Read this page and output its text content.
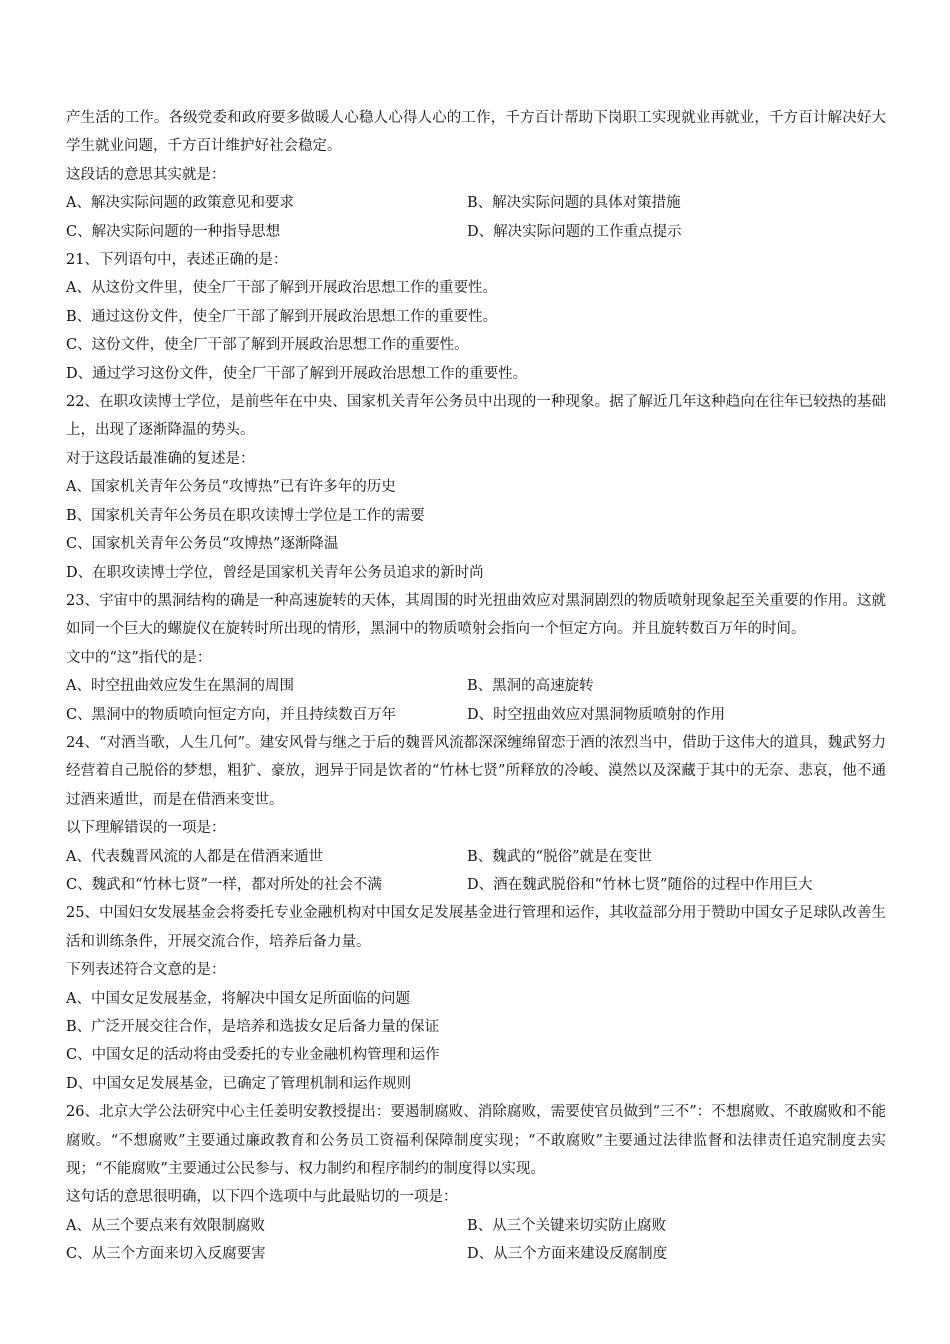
产生活的工作。各级党委和政府要多做暖人心稳人心得人心的工作，千方百计帮助下岗职工实现就业再就业，千方百计解决好大学生就业问题，千方百计维护好社会稳定。

这段话的意思其实就是：

A、解决实际问题的政策意见和要求	B、解决实际问题的具体对策措施
C、解决实际问题的一种指导思想	D、解决实际问题的工作重点提示

21、下列语句中，表述正确的是：

A、从这份文件里，使全厂干部了解到开展政治思想工作的重要性。
B、通过这份文件，使全厂干部了解到开展政治思想工作的重要性。
C、这份文件，使全厂干部了解到开展政治思想工作的重要性。
D、通过学习这份文件，使全厂干部了解到开展政治思想工作的重要性。

22、在职攻读博士学位，是前些年在中央、国家机关青年公务员中出现的一种现象。据了解近几年这种趋向在往年已较热的基础上，出现了逐渐降温的势头。

对于这段话最准确的复述是：

A、国家机关青年公务员“攻博热”已有许多年的历史
B、国家机关青年公务员在职攻读博士学位是工作的需要
C、国家机关青年公务员“攻博热”逐渐降温
D、在职攻读博士学位，曾经是国家机关青年公务员追求的新时尚

23、宇宙中的黑洞结构的确是一种高速旋转的天体，其周围的时光扭曲效应对黑洞剧烈的物质喷射现象起至关重要的作用。这就如同一个巨大的螺旋仪在旋转时所出现的情形，黑洞中的物质喷射会指向一个恒定方向。并且旋转数百万年的时间。

文中的“这”指代的是：

A、时空扭曲效应发生在黑洞的周围	B、黑洞的高速旋转
C、黑洞中的物质喷向恒定方向，并且持续数百万年	D、时空扭曲效应对黑洞物质喷射的作用

24、“对酒当歌，人生几何”。建安风骨与继之于后的魏晋风流都深深缠绵留恋于酒的浓烈当中，借助于这伟大的道具，魏武努力经营着自己脱俗的梦想，粗犷、豪放，迥异于同是饮者的“竹林七贤”所释放的冷峻、漠然以及深藏于其中的无奈、悲哀，他不通过酒来遁世，而是在借酒来变世。

以下理解错误的一项是：

A、代表魏晋风流的人都是在借酒来遁世	B、魏武的“脱俗”就是在变世
C、魏武和“竹林七贤”一样，都对所处的社会不满	D、酒在魏武脱俗和“竹林七贤”随俗的过程中作用巨大

25、中国妇女发展基金会将委托专业金融机构对中国女足发展基金进行管理和运作，其收益部分用于赞助中国女子足球队改善生活和训练条件，开展交流合作，培养后备力量。

下列表述符合文意的是：

A、中国女足发展基金，将解决中国女足所面临的问题
B、广泛开展交往合作，是培养和选拔女足后备力量的保证
C、中国女足的活动将由受委托的专业金融机构管理和运作
D、中国女足发展基金，已确定了管理机制和运作规则

26、北京大学公法研究中心主任姜明安教授提出：要遏制腐败、消除腐败，需要使官员做到“三不”：不想腐败、不敢腐败和不能腐败。“不想腐败”主要通过廉政教育和公务员工资福利保障制度实现；“不敢腐败”主要通过法律监督和法律责任追究制度去实现；“不能腐败”主要通过公民参与、权力制约和程序制约的制度得以实现。

这句话的意思很明确，以下四个选项中与此最贴切的一项是：

A、从三个要点来有效限制腐败	B、从三个关键来切实防止腐败
C、从三个方面来切入反腐要害	D、从三个方面来建设反腐制度
